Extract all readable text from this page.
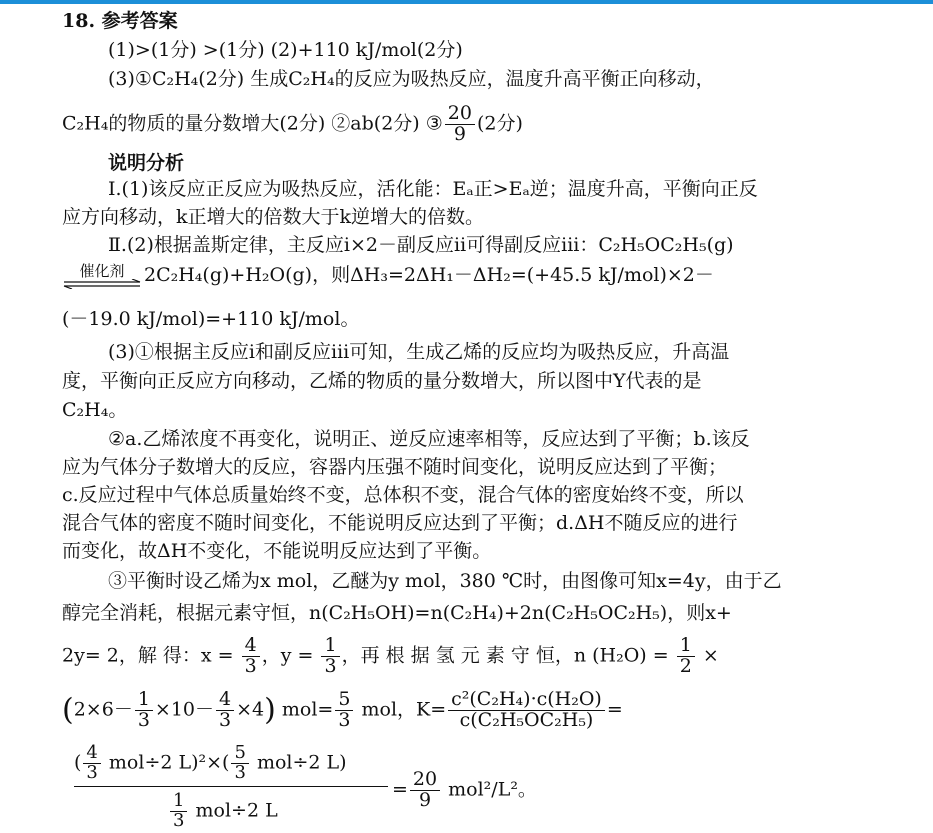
18. 参考答案
(1)>(1分) >(1分) (2)+110 kJ/mol(2分)
(3)①C₂H₄(2分) 生成C₂H₄的反应为吸热反应，温度升高平衡正向移动，
C₂H₄的物质的量分数增大(2分) ②ab(2分) ③ $\frac{20}{9} (2$分)
说明分析
Ⅰ.(1)该反应正反应为吸热反应，活化能：Eₐ正>Eₐ逆；温度升高，平衡向正反
应方向移动，k正增大的倍数大于k逆增大的倍数。
Ⅱ.(2)根据盖斯定律，主反应ⅰ×2－副反应ⅱ可得副反应ⅲ：C₂H₅OC₂H₅(g)
催化剂 2C₂H₄(g)+H₂O(g)，则ΔH₃=2ΔH₁－ΔH₂=(+45.5 kJ/mol)×2－
(－19.0 kJ/mol)=+110 kJ/mol。
(3)①根据主反应ⅰ和副反应ⅲ可知，生成乙烯的反应均为吸热反应，升高温
度，平衡向正反应方向移动，乙烯的物质的量分数增大，所以图中Y代表的是
C₂H₄。
②a.乙烯浓度不再变化，说明正、逆反应速率相等，反应达到了平衡；b.该反
应为气体分子数增大的反应，容器内压强不随时间变化，说明反应达到了平衡；
c.反应过程中气体总质量始终不变，总体积不变，混合气体的密度始终不变，所以
混合气体的密度不随时间变化，不能说明反应达到了平衡；d.ΔH不随反应的进行
而变化，故ΔH不变化，不能说明反应达到了平衡。
③平衡时设乙烯为x mol，乙醚为y mol，380 ℃时，由图像可知x=4y，由于乙
醇完全消耗，根据元素守恒，n(C₂H₅OH)=n(C₂H₄)+2n(C₂H₅OC₂H₅)，则x+
2y= 2，解 得：$x = \frac{4}{3}$ ，$y = \frac{1}{3}$ ，再 根 据 氢 元 素 守 恒，n $(H_2O) = \frac{1}{2}$ ×
$(2\times 6- \frac{1}{3} \times 10- \frac{4}{3} \times 4)$ $mol= \frac{5}{3}$ mol，$K= \frac{\text{c²(C₂H₄)·c(H₂O)}}{\text{c(C₂H₅OC₂H₅)}}$ =
( $\frac{4}{3} mol\div 2$ $L)^2\times( \frac{5}{3} mol\div 2$ L)
$\frac{1}{3} mol\div 2$ L
= $\frac{20}{9} mol^2/L^2$。
